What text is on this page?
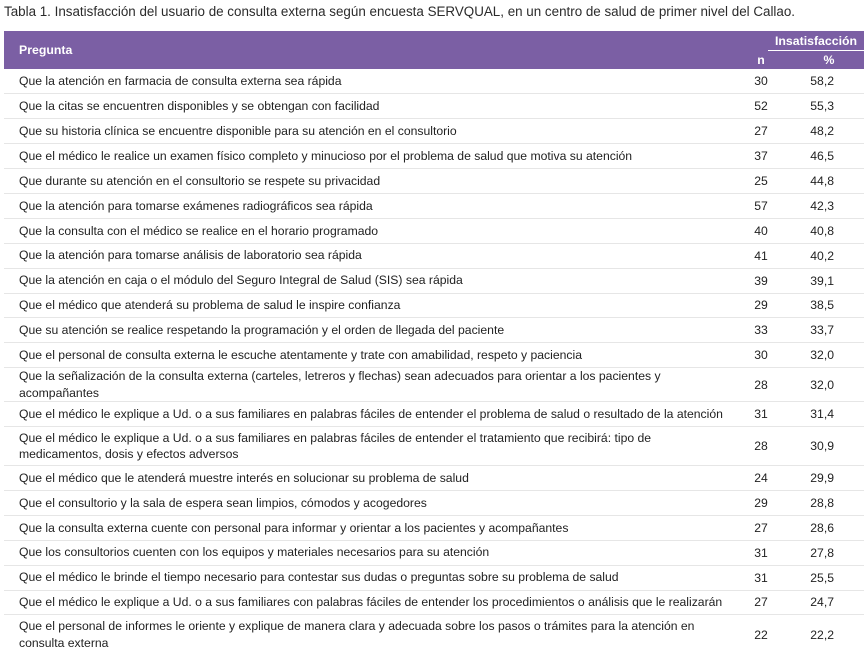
Tabla 1. Insatisfacción del usuario de consulta externa según encuesta SERVQUAL, en un centro de salud de primer nivel del Callao.
Pregunta	Insatisfacción	

	n	%
Que la atención en farmacia de consulta externa sea rápida	30	58,2
Que la citas se encuentren disponibles y se obtengan con facilidad	52	55,3
Que su historia clínica se encuentre disponible para su atención en el consultorio	27	48,2
Que el médico le realice un examen físico completo y minucioso por el problema de salud que motiva su atención	37	46,5
Que durante su atención en el consultorio se respete su privacidad	25	44,8
Que la atención para tomarse exámenes radiográficos sea rápida	57	42,3
Que la consulta con el médico se realice en el horario programado	40	40,8
Que la atención para tomarse análisis de laboratorio sea rápida	41	40,2
Que la atención en caja o el módulo del Seguro Integral de Salud (SIS) sea rápida	39	39,1
Que el médico que atenderá su problema de salud le inspire confianza	29	38,5
Que su atención se realice respetando la programación y el orden de llegada del paciente	33	33,7
Que el personal de consulta externa le escuche atentamente y trate con amabilidad, respeto y paciencia	30	32,0
Que la señalización de la consulta externa (carteles, letreros y flechas) sean adecuados para orientar a los pacientes y acompañantes	28	32,0
Que el médico le explique a Ud. o a sus familiares en palabras fáciles de entender el problema de salud o resultado de la atención	31	31,4
Que el médico le explique a Ud. o a sus familiares en palabras fáciles de entender el tratamiento que recibirá: tipo de medicamentos, dosis y efectos adversos	28	30,9
Que el médico que le atenderá muestre interés en solucionar su problema de salud	24	29,9
Que el consultorio y la sala de espera sean limpios, cómodos y acogedores	29	28,8
Que la consulta externa cuente con personal para informar y orientar a los pacientes y acompañantes	27	28,6
Que los consultorios cuenten con los equipos y materiales necesarios para su atención	31	27,8
Que el médico le brinde el tiempo necesario para contestar sus dudas o preguntas sobre su problema de salud	31	25,5
Que el médico le explique a Ud. o a sus familiares con palabras fáciles de entender los procedimientos o análisis que le realizarán	27	24,7
Que el personal de informes le oriente y explique de manera clara y adecuada sobre los pasos o trámites para la atención en consulta externa	22	22,2
